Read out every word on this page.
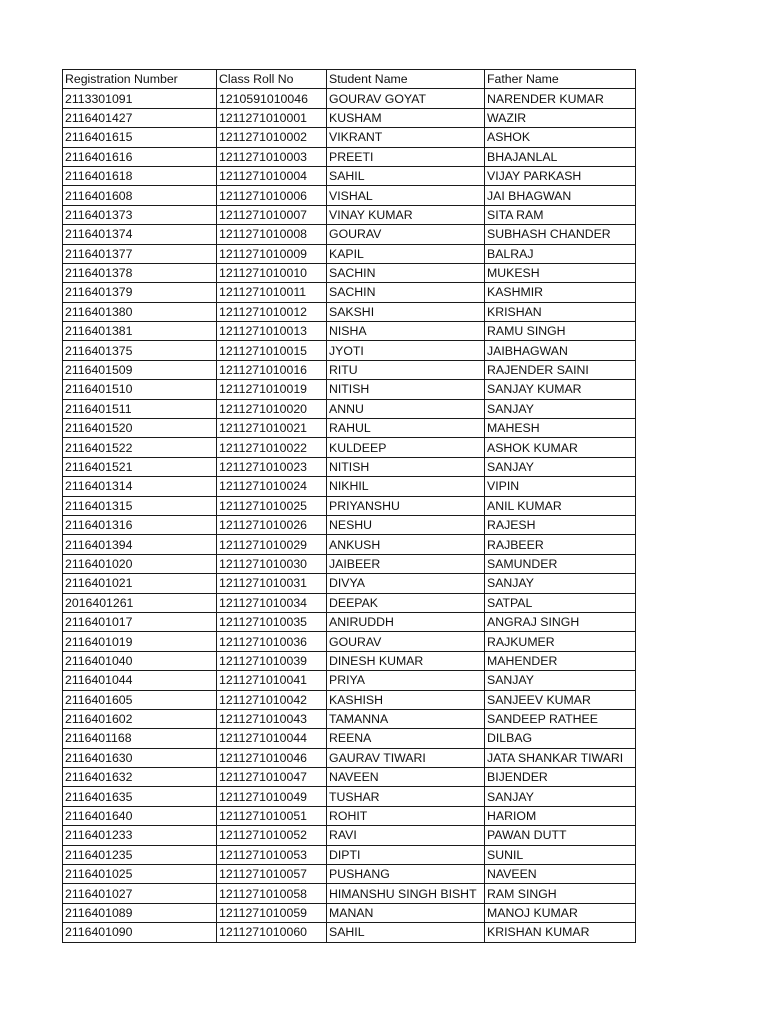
Registration Number	Class Roll No	Student Name	Father Name
2113301091	1210591010046	GOURAV GOYAT	NARENDER KUMAR
2116401427	1211271010001	KUSHAM	WAZIR
2116401615	1211271010002	VIKRANT	ASHOK
2116401616	1211271010003	PREETI	BHAJANLAL
2116401618	1211271010004	SAHIL	VIJAY PARKASH
2116401608	1211271010006	VISHAL	JAI BHAGWAN
2116401373	1211271010007	VINAY KUMAR	SITA RAM
2116401374	1211271010008	GOURAV	SUBHASH CHANDER
2116401377	1211271010009	KAPIL	BALRAJ
2116401378	1211271010010	SACHIN	MUKESH
2116401379	1211271010011	SACHIN	KASHMIR
2116401380	1211271010012	SAKSHI	KRISHAN
2116401381	1211271010013	NISHA	RAMU SINGH
2116401375	1211271010015	JYOTI	JAIBHAGWAN
2116401509	1211271010016	RITU	RAJENDER SAINI
2116401510	1211271010019	NITISH	SANJAY KUMAR
2116401511	1211271010020	ANNU	SANJAY
2116401520	1211271010021	RAHUL	MAHESH
2116401522	1211271010022	KULDEEP	ASHOK KUMAR
2116401521	1211271010023	NITISH	SANJAY
2116401314	1211271010024	NIKHIL	VIPIN
2116401315	1211271010025	PRIYANSHU	ANIL KUMAR
2116401316	1211271010026	NESHU	RAJESH
2116401394	1211271010029	ANKUSH	RAJBEER
2116401020	1211271010030	JAIBEER	SAMUNDER
2116401021	1211271010031	DIVYA	SANJAY
2016401261	1211271010034	DEEPAK	SATPAL
2116401017	1211271010035	ANIRUDDH	ANGRAJ SINGH
2116401019	1211271010036	GOURAV	RAJKUMER
2116401040	1211271010039	DINESH KUMAR	MAHENDER
2116401044	1211271010041	PRIYA	SANJAY
2116401605	1211271010042	KASHISH	SANJEEV KUMAR
2116401602	1211271010043	TAMANNA	SANDEEP RATHEE
2116401168	1211271010044	REENA	DILBAG
2116401630	1211271010046	GAURAV TIWARI	JATA SHANKAR TIWARI
2116401632	1211271010047	NAVEEN	BIJENDER
2116401635	1211271010049	TUSHAR	SANJAY
2116401640	1211271010051	ROHIT	HARIOM
2116401233	1211271010052	RAVI	PAWAN DUTT
2116401235	1211271010053	DIPTI	SUNIL
2116401025	1211271010057	PUSHANG	NAVEEN
2116401027	1211271010058	HIMANSHU SINGH BISHT	RAM SINGH
2116401089	1211271010059	MANAN	MANOJ KUMAR
2116401090	1211271010060	SAHIL	KRISHAN KUMAR
